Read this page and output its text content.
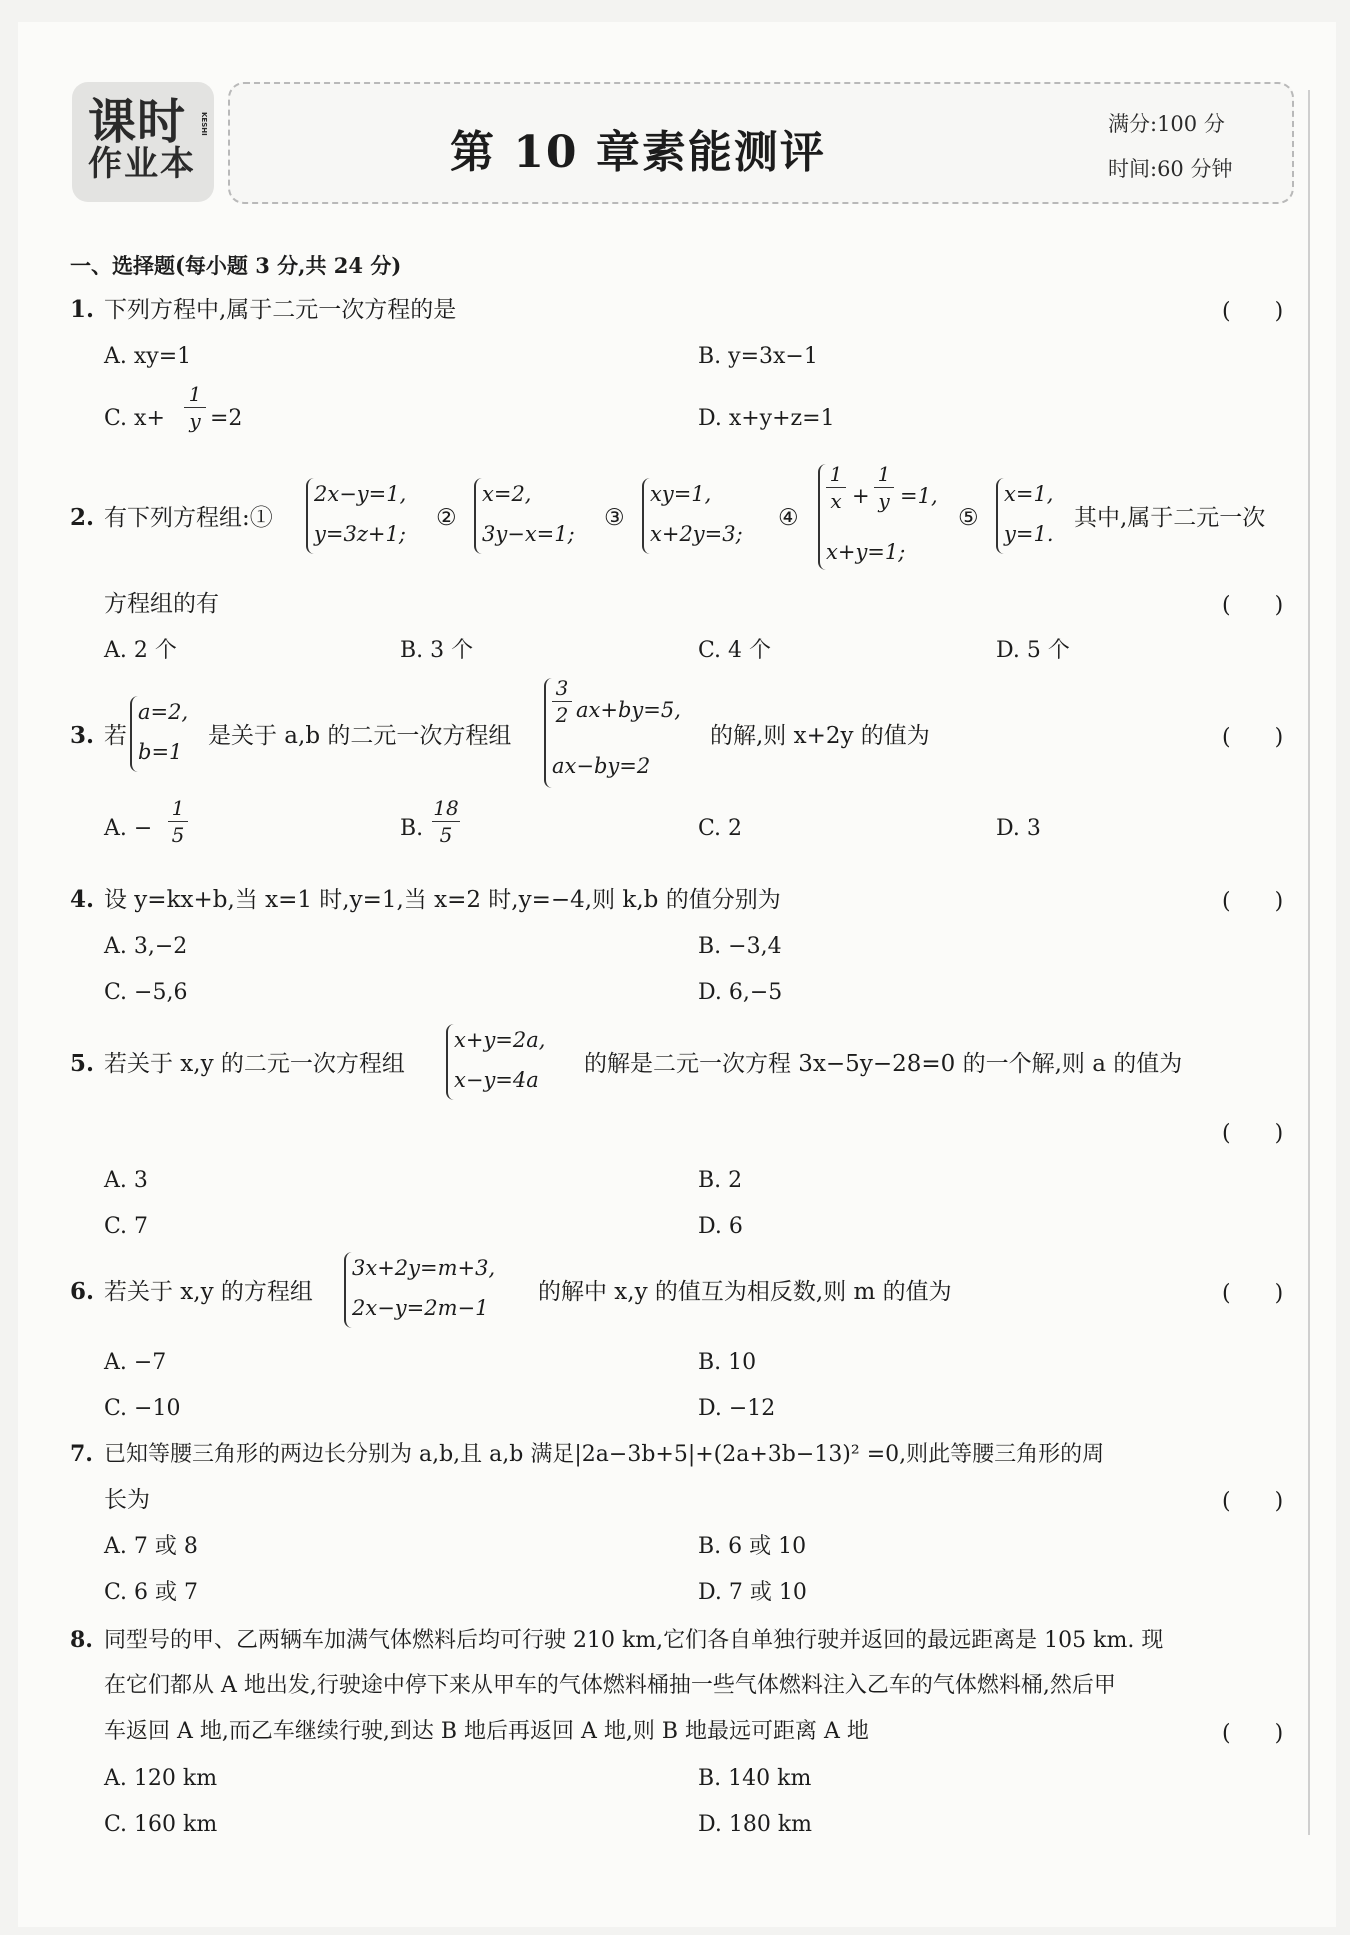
课时
作业本
KESHI
第 10 章素能测评
满分:100 分
时间:60 分钟
一、选择题(每小题 3 分,共 24 分)
1. 下列方程中,属于二元一次方程的是	(　　)
A. xy=1	B. y=3x−1
C. x+
1
y =2	D. x+y+z=1
2. 有下列方程组:①
2x−y=1,
y=3z+1;
②
x=2,
3y−x=1;
③
xy=1,
x+2y=3;
④
1
x +
1
y =1,
x+y=1;
⑤
x=1,
y=1.
其中,属于二元一次
方程组的有	(　　)
A. 2 个	B. 3 个	C. 4 个	D. 5 个
3. 若
a=2,
b=1
是关于 a,b 的二元一次方程组
3
2 ax+by=5,
ax−by=2
的解,则 x+2y 的值为	(　　)
A. −
1
5	B.
18
5	C. 2	D. 3
4. 设 y=kx+b,当 x=1 时,y=1,当 x=2 时,y=−4,则 k,b 的值分别为	(　　)
A. 3,−2	B. −3,4
C. −5,6	D. 6,−5
5. 若关于 x,y 的二元一次方程组
x+y=2a,
x−y=4a
的解是二元一次方程 3x−5y−28=0 的一个解,则 a 的值为
(　　)
A. 3	B. 2
C. 7	D. 6
6. 若关于 x,y 的方程组
3x+2y=m+3,
2x−y=2m−1
的解中 x,y 的值互为相反数,则 m 的值为	(　　)
A. −7	B. 10
C. −10	D. −12
7. 已知等腰三角形的两边长分别为 a,b,且 a,b 满足|2a−3b+5|+(2a+3b−13)² =0,则此等腰三角形的周
长为	(　　)
A. 7 或 8	B. 6 或 10
C. 6 或 7	D. 7 或 10
8. 同型号的甲、乙两辆车加满气体燃料后均可行驶 210 km,它们各自单独行驶并返回的最远距离是 105 km. 现
在它们都从 A 地出发,行驶途中停下来从甲车的气体燃料桶抽一些气体燃料注入乙车的气体燃料桶,然后甲
车返回 A 地,而乙车继续行驶,到达 B 地后再返回 A 地,则 B 地最远可距离 A 地	(　　)
A. 120 km	B. 140 km
C. 160 km	D. 180 km
